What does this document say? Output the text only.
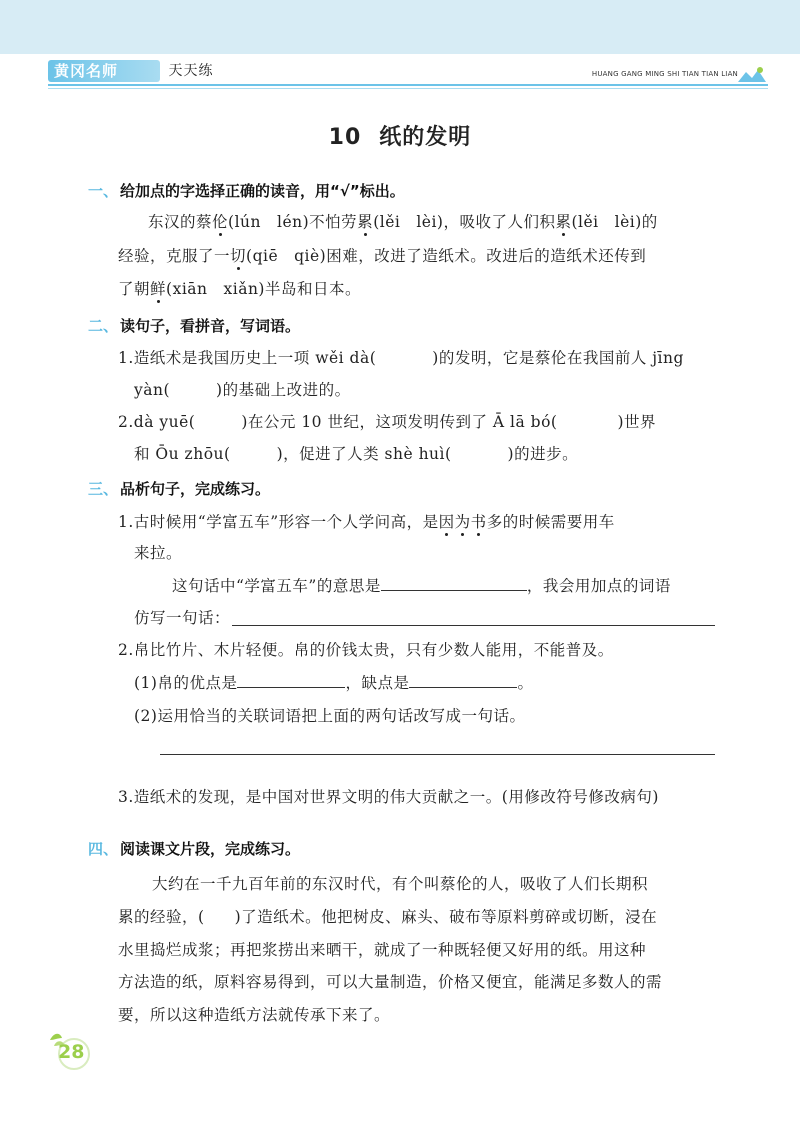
黄冈名师	天天练	HUANG GANG MING SHI TIAN TIAN LIAN
10 纸的发明
一、 给加点的字选择正确的读音，用“√”标出。
东汉的蔡伦(lún　lén)不怕劳累(lěi　lèi)，吸收了人们积累(lěi　lèi)的
经验，克服了一切(qiē　qiè)困难，改进了造纸术。改进后的造纸术还传到
了朝鲜(xiān　xiǎn)半岛和日本。
二、 读句子，看拼音，写词语。
1.造纸术是我国历史上一项 wěi dà(	)的发明，它是蔡伦在我国前人 jīng
yàn(	)的基础上改进的。
2.dà yuē(	)在公元 10 世纪，这项发明传到了 Ā lā bó(	)世界
和 Ōu zhōu(	)，促进了人类 shè huì(	)的进步。
三、 品析句子，完成练习。
1.古时候用“学富五车”形容一个人学问高，是因为书多的时候需要用车
来拉。
这句话中“学富五车”的意思是	，我会用加点的词语
仿写一句话：
2.帛比竹片、木片轻便。帛的价钱太贵，只有少数人能用，不能普及。
(1)帛的优点是	，缺点是	。
(2)运用恰当的关联词语把上面的两句话改写成一句话。
3.造纸术的发现，是中国对世界文明的伟大贡献之一。(用修改符号修改病句)
四、 阅读课文片段，完成练习。
大约在一千九百年前的东汉时代，有个叫蔡伦的人，吸收了人们长期积
累的经验，( )了造纸术。他把树皮、麻头、破布等原料剪碎或切断，浸在
水里捣烂成浆；再把浆捞出来晒干，就成了一种既轻便又好用的纸。用这种
方法造的纸，原料容易得到，可以大量制造，价格又便宜，能满足多数人的需
要，所以这种造纸方法就传承下来了。
28
